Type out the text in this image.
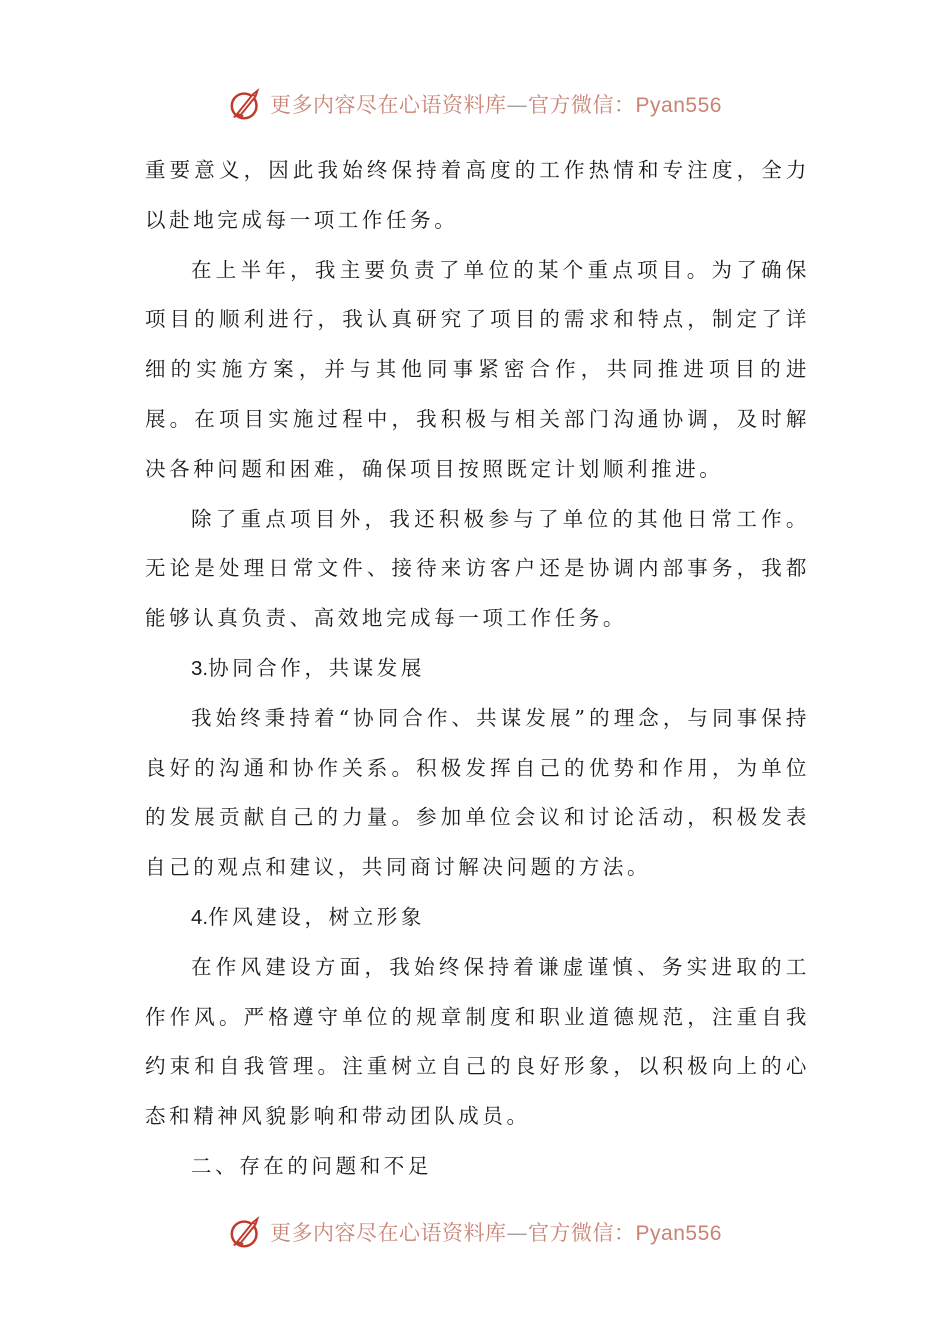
更多内容尽在心语资料库—官方微信：Pyan556

重要意义，因此我始终保持着高度的工作热情和专注度，全力以赴地完成每一项工作任务。

在上半年，我主要负责了单位的某个重点项目。为了确保项目的顺利进行，我认真研究了项目的需求和特点，制定了详细的实施方案，并与其他同事紧密合作，共同推进项目的进展。在项目实施过程中，我积极与相关部门沟通协调，及时解决各种问题和困难，确保项目按照既定计划顺利推进。

除了重点项目外，我还积极参与了单位的其他日常工作。无论是处理日常文件、接待来访客户还是协调内部事务，我都能够认真负责、高效地完成每一项工作任务。

3.协同合作，共谋发展

我始终秉持着“协同合作、共谋发展”的理念，与同事保持良好的沟通和协作关系。积极发挥自己的优势和作用，为单位的发展贡献自己的力量。参加单位会议和讨论活动，积极发表自己的观点和建议，共同商讨解决问题的方法。

4.作风建设，树立形象

在作风建设方面，我始终保持着谦虚谨慎、务实进取的工作作风。严格遵守单位的规章制度和职业道德规范，注重自我约束和自我管理。注重树立自己的良好形象，以积极向上的心态和精神风貌影响和带动团队成员。

二、存在的问题和不足

更多内容尽在心语资料库—官方微信：Pyan556
